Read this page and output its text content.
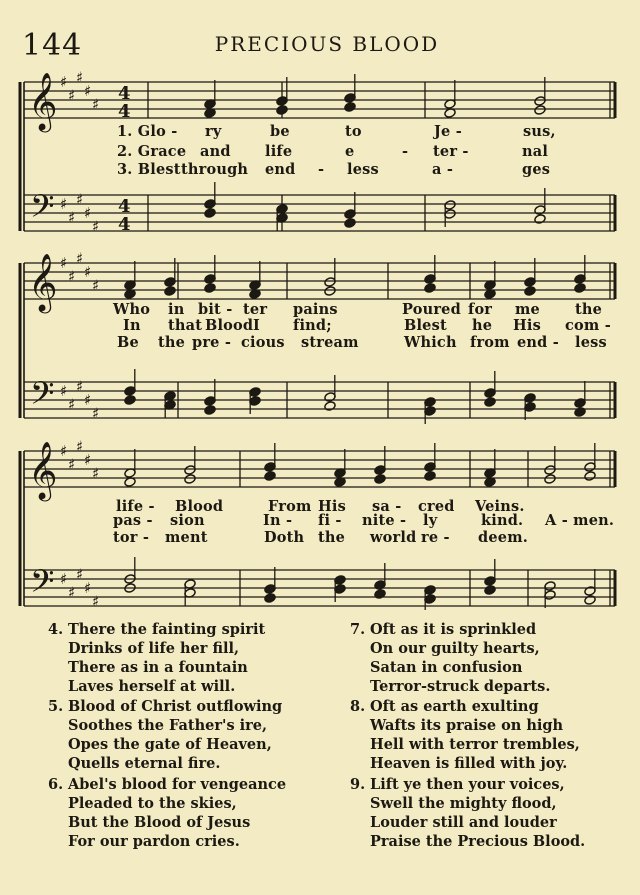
144	PRECIOUS BLOOD
𝄞
𝄢
♯
♯
♯
♯
♯
♯
♯
♯
♯
♯
4
4
4
4
𝄞
𝄢
♯
♯
♯
♯
♯
♯
♯
♯
♯
♯
𝄞
𝄢
♯
♯
♯
♯
♯
♯
♯
♯
♯
♯
1. Glo - ry	be	to	Je -	sus,
2. Grace and life	e	- ter -	nal
3. Blest through end - less	a -	ges
Who in bit - ter pains	Poured for me the
In that Blood I find;	Blest he His com -
Be the pre - cious stream	Which from end - less
life - Blood	From His sa - cred Veins.
pas - sion	In - fi - nite - ly	kind. A - men.
tor - ment	Doth the world re - deem.
4. There the fainting spirit
Drinks of life her fill,
There as in a fountain
Laves herself at will.
5. Blood of Christ outflowing
Soothes the Father's ire,
Opes the gate of Heaven,
Quells eternal fire.
6. Abel's blood for vengeance
Pleaded to the skies,
But the Blood of Jesus
For our pardon cries.
7. Oft as it is sprinkled
On our guilty hearts,
Satan in confusion
Terror-struck departs.
8. Oft as earth exulting
Wafts its praise on high
Hell with terror trembles,
Heaven is filled with joy.
9. Lift ye then your voices,
Swell the mighty flood,
Louder still and louder
Praise the Precious Blood.
